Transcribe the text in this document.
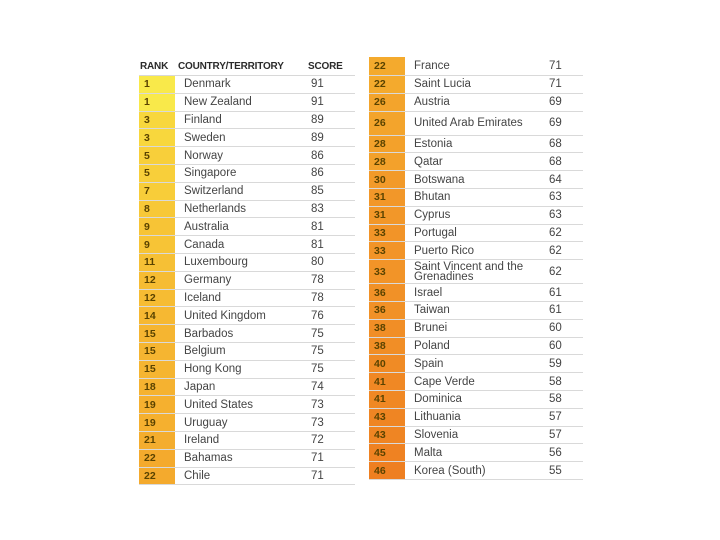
RANK COUNTRY/TERRITORY	SCORE
1	Denmark	91
1	New Zealand	91
3	Finland	89
3	Sweden	89
5	Norway	86
5	Singapore	86
7	Switzerland	85
8	Netherlands	83
9	Australia	81
9	Canada	81
11	Luxembourg	80
12	Germany	78
12	Iceland	78
14	United Kingdom	76
15	Barbados	75
15	Belgium	75
15	Hong Kong	75
18	Japan	74
19	United States	73
19	Uruguay	73
21	Ireland	72
22	Bahamas	71
22	Chile	71
22	France	71
22	Saint Lucia	71
26	Austria	69
26	United Arab Emirates	69
28	Estonia	68
28	Qatar	68
30	Botswana	64
31	Bhutan	63
31	Cyprus	63
33	Portugal	62
33	Puerto Rico	62
33	Saint Vincent and the Grenadines	62
36	Israel	61
36	Taiwan	61
38	Brunei	60
38	Poland	60
40	Spain	59
41	Cape Verde	58
41	Dominica	58
43	Lithuania	57
43	Slovenia	57
45	Malta	56
46	Korea (South)	55
